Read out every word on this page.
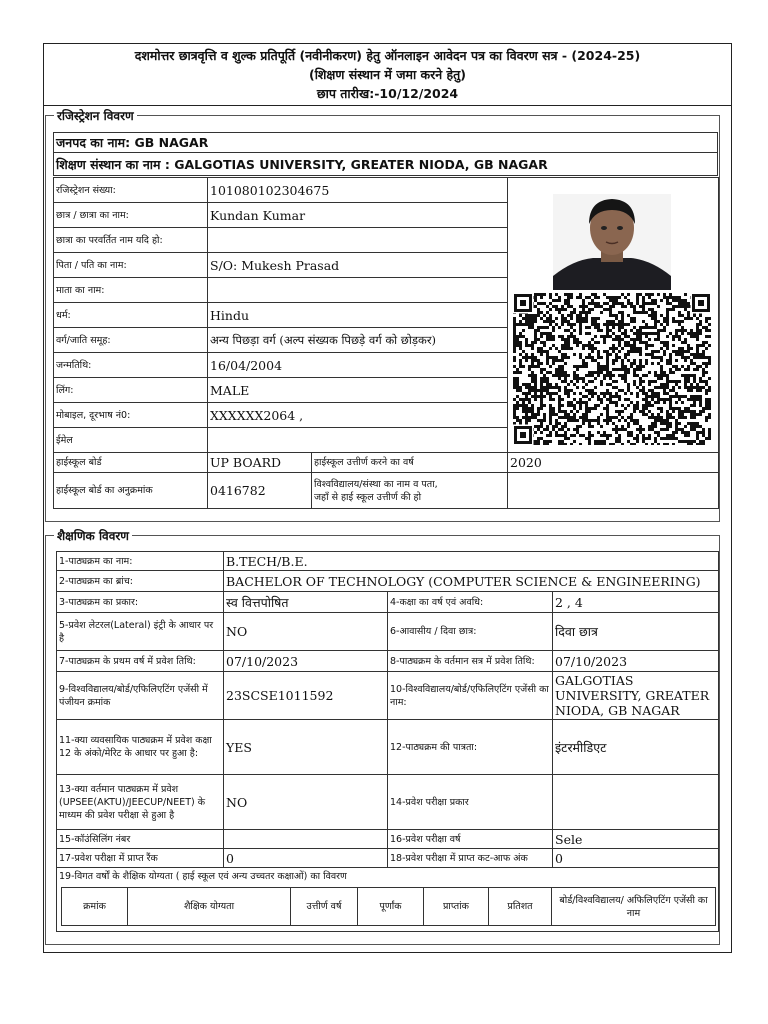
दशमोत्तर छात्रवृत्ति व शुल्क प्रतिपूर्ति (नवीनीकरण) हेतु ऑनलाइन आवेदन पत्र का विवरण सत्र - (2024-25)
(शिक्षण संस्थान में जमा करने हेतु)
छाप तारीख:-10/12/2024
रजिस्ट्रेशन विवरण
जनपद का नाम: GB NAGAR
शिक्षण संस्थान का नाम : GALGOTIAS UNIVERSITY, GREATER NIODA, GB NAGAR
रजिस्ट्रेशन संख्या:	101080102304675		
छात्र / छात्रा का नाम:	Kundan Kumar		
छात्रा का परवर्तित नाम यदि हो:			
पिता / पति का नाम:	S/O: Mukesh Prasad		
माता का नाम:			
धर्म:	Hindu		
वर्ग/जाति समूह:	अन्य पिछड़ा वर्ग (अल्प संख्यक पिछड़े वर्ग को छोड़कर)		
जन्मतिथि:	16/04/2004		
लिंग:	MALE		
मोबाइल, दूरभाष नं0:	XXXXXX2064 ,		
ईमेल			
हाईस्कूल बोर्ड	UP BOARD	हाईस्कूल उत्तीर्ण करने का वर्ष	2020
हाईस्कूल बोर्ड का अनुक्रमांक	0416782	विश्वविद्यालय/संस्था का नाम व पता,
जहाँ से हाई स्कूल उत्तीर्ण की हो	

शैक्षणिक विवरण
1-पाठ्यक्रम का नाम:	B.TECH/B.E.
2-पाठ्यक्रम का ब्रांच:	BACHELOR OF TECHNOLOGY (COMPUTER SCIENCE & ENGINEERING)
3-पाठ्यक्रम का प्रकार:	स्व वित्तपोषित	4-कक्षा का वर्ष एवं अवधि:	2 , 4
5-प्रवेश लेटरल(Lateral) इंट्री के आधार पर है	NO	6-आवासीय / दिवा छात्र:	दिवा छात्र
7-पाठ्यक्रम के प्रथम वर्ष में प्रवेश तिथि:	07/10/2023	8-पाठ्यक्रम के वर्तमान सत्र में प्रवेश तिथि:	07/10/2023
9-विश्वविद्यालय/बोर्ड/एफिलिएटिंग एजेंसी में पंजीयन क्रमांक	23SCSE1011592	10-विश्वविद्यालय/बोर्ड/एफिलिएटिंग एजेंसी का नाम:	GALGOTIAS UNIVERSITY, GREATER NIODA, GB NAGAR
11-क्या व्यवसायिक पाठ्यक्रम में प्रवेश कक्षा 12 के अंको/मेरिट के आधार पर हुआ है:	YES	12-पाठ्यक्रम की पात्रता:	इंटरमीडिएट
13-क्या वर्तमान पाठ्यक्रम में प्रवेश (UPSEE(AKTU)/JEECUP/NEET) के माध्यम की प्रवेश परीक्षा से हुआ है	NO	14-प्रवेश परीक्षा प्रकार	
15-कॉउंसिलिंग नंबर		16-प्रवेश परीक्षा वर्ष	Sele
17-प्रवेश परीक्षा में प्राप्त रैंक	0	18-प्रवेश परीक्षा में प्राप्त कट-आफ अंक	0

19-विगत वर्षों के शैक्षिक योग्यता ( हाई स्कूल एवं अन्य उच्चतर कक्षाओं) का विवरण
क्रमांक	शैक्षिक योग्यता	उत्तीर्ण वर्ष	पूर्णांक	प्राप्तांक	प्रतिशत	बोर्ड/विश्वविद्यालय/ अफिलिएटिंग एजेंसी का नाम
